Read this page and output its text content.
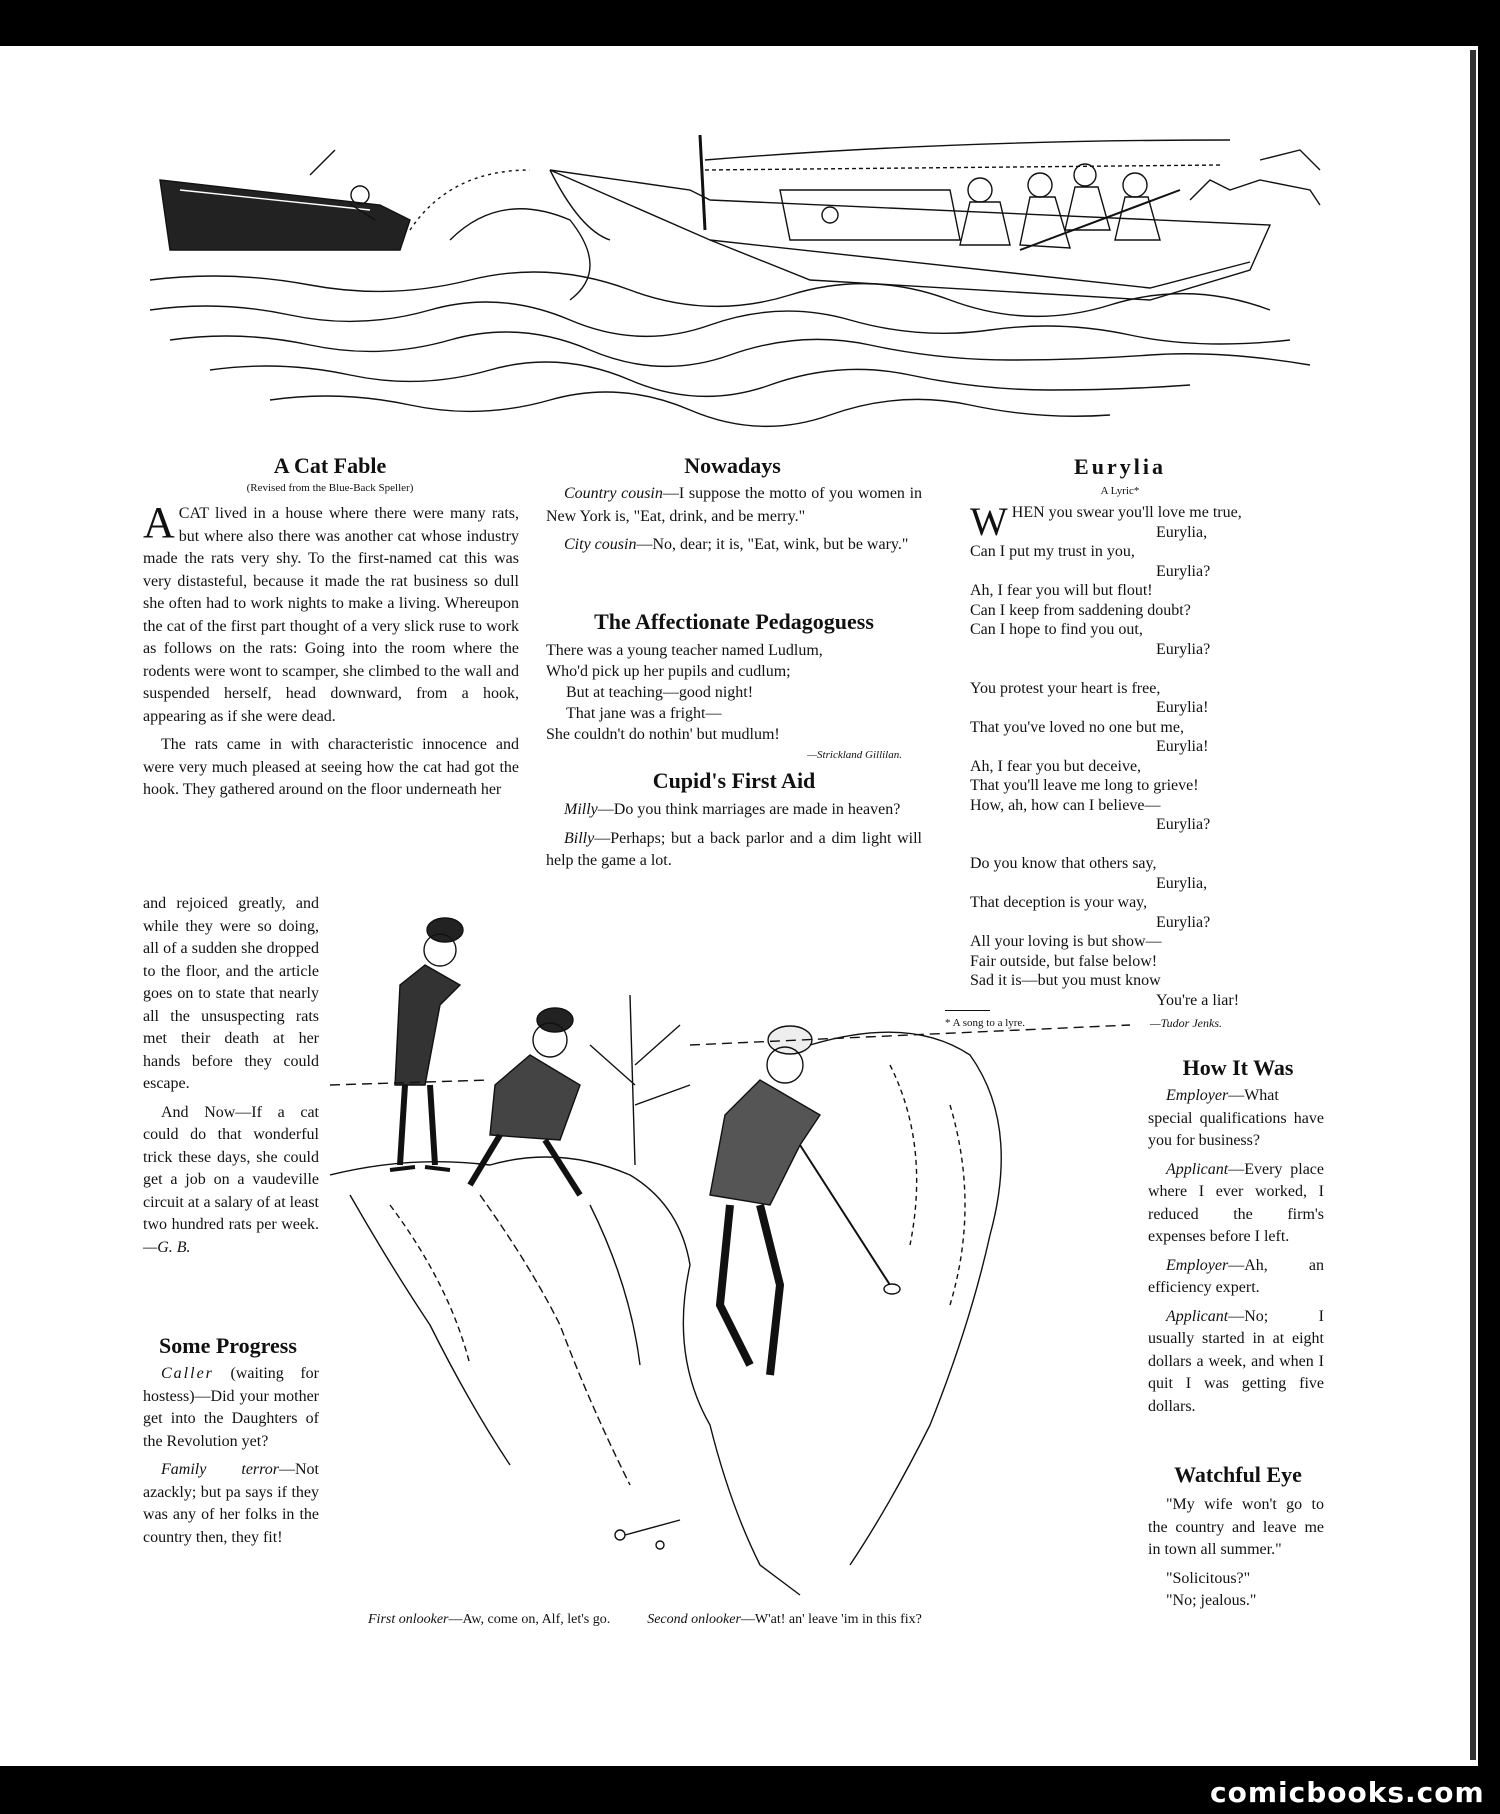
A Cat Fable
(Revised from the Blue-Back Speller)

A CAT lived in a house where there were many rats, but where also there was another cat whose industry made the rats very shy. To the first-named cat this was very distasteful, because it made the rat business so dull she often had to work nights to make a living. Whereupon the cat of the first part thought of a very slick ruse to work as follows on the rats: Going into the room where the rodents were wont to scamper, she climbed to the wall and suspended herself, head downward, from a hook, appearing as if she were dead.

The rats came in with characteristic innocence and were very much pleased at seeing how the cat had got the hook. They gathered around on the floor underneath her

and rejoiced greatly, and while they were so doing, all of a sudden she dropped to the floor, and the article goes on to state that nearly all the unsuspecting rats met their death at her hands before they could escape.

And Now—If a cat could do that wonderful trick these days, she could get a job on a vaudeville circuit at a salary of at least two hundred rats per week.—G. B.

Some Progress

Caller (waiting for hostess)—Did your mother get into the Daughters of the Revolution yet?

Family terror—Not azackly; but pa says if they was any of her folks in the country then, they fit!

Nowadays

Country cousin—I suppose the motto of you women in New York is, "Eat, drink, and be merry."

City cousin—No, dear; it is, "Eat, wink, but be wary."

The Affectionate Pedagoguess
There was a young teacher named Ludlum,
Who'd pick up her pupils and cudlum;
But at teaching—good night!
That jane was a fright—
She couldn't do nothin' but mudlum!
—Strickland Gillilan.
Cupid's First Aid

Milly—Do you think marriages are made in heaven?

Billy—Perhaps; but a back parlor and a dim light will help the game a lot.

Eurylia
A Lyric*
WHEN you swear you'll love me true,
Eurylia,
Can I put my trust in you,
Eurylia?
Ah, I fear you will but flout!
Can I keep from saddening doubt?
Can I hope to find you out,
Eurylia?
You protest your heart is free,
Eurylia!
That you've loved no one but me,
Eurylia!
Ah, I fear you but deceive,
That you'll leave me long to grieve!
How, ah, how can I believe—
Eurylia?
Do you know that others say,
Eurylia,
That deception is your way,
Eurylia?
All your loving is but show—
Fair outside, but false below!
Sad it is—but you must know
You're a liar!
* A song to a lyre.	—Tudor Jenks.
How It Was

Employer—What special qualifications have you for business?

Applicant—Every place where I ever worked, I reduced the firm's expenses before I left.

Employer—Ah, an efficiency expert.

Applicant—No; I usually started in at eight dollars a week, and when I quit I was getting five dollars.

Watchful Eye

"My wife won't go to the country and leave me in town all summer."

"Solicitous?"

"No; jealous."

First onlooker—Aw, come on, Alf, let's go.	Second onlooker—W'at! an' leave 'im in this fix?
comicbooks.com
